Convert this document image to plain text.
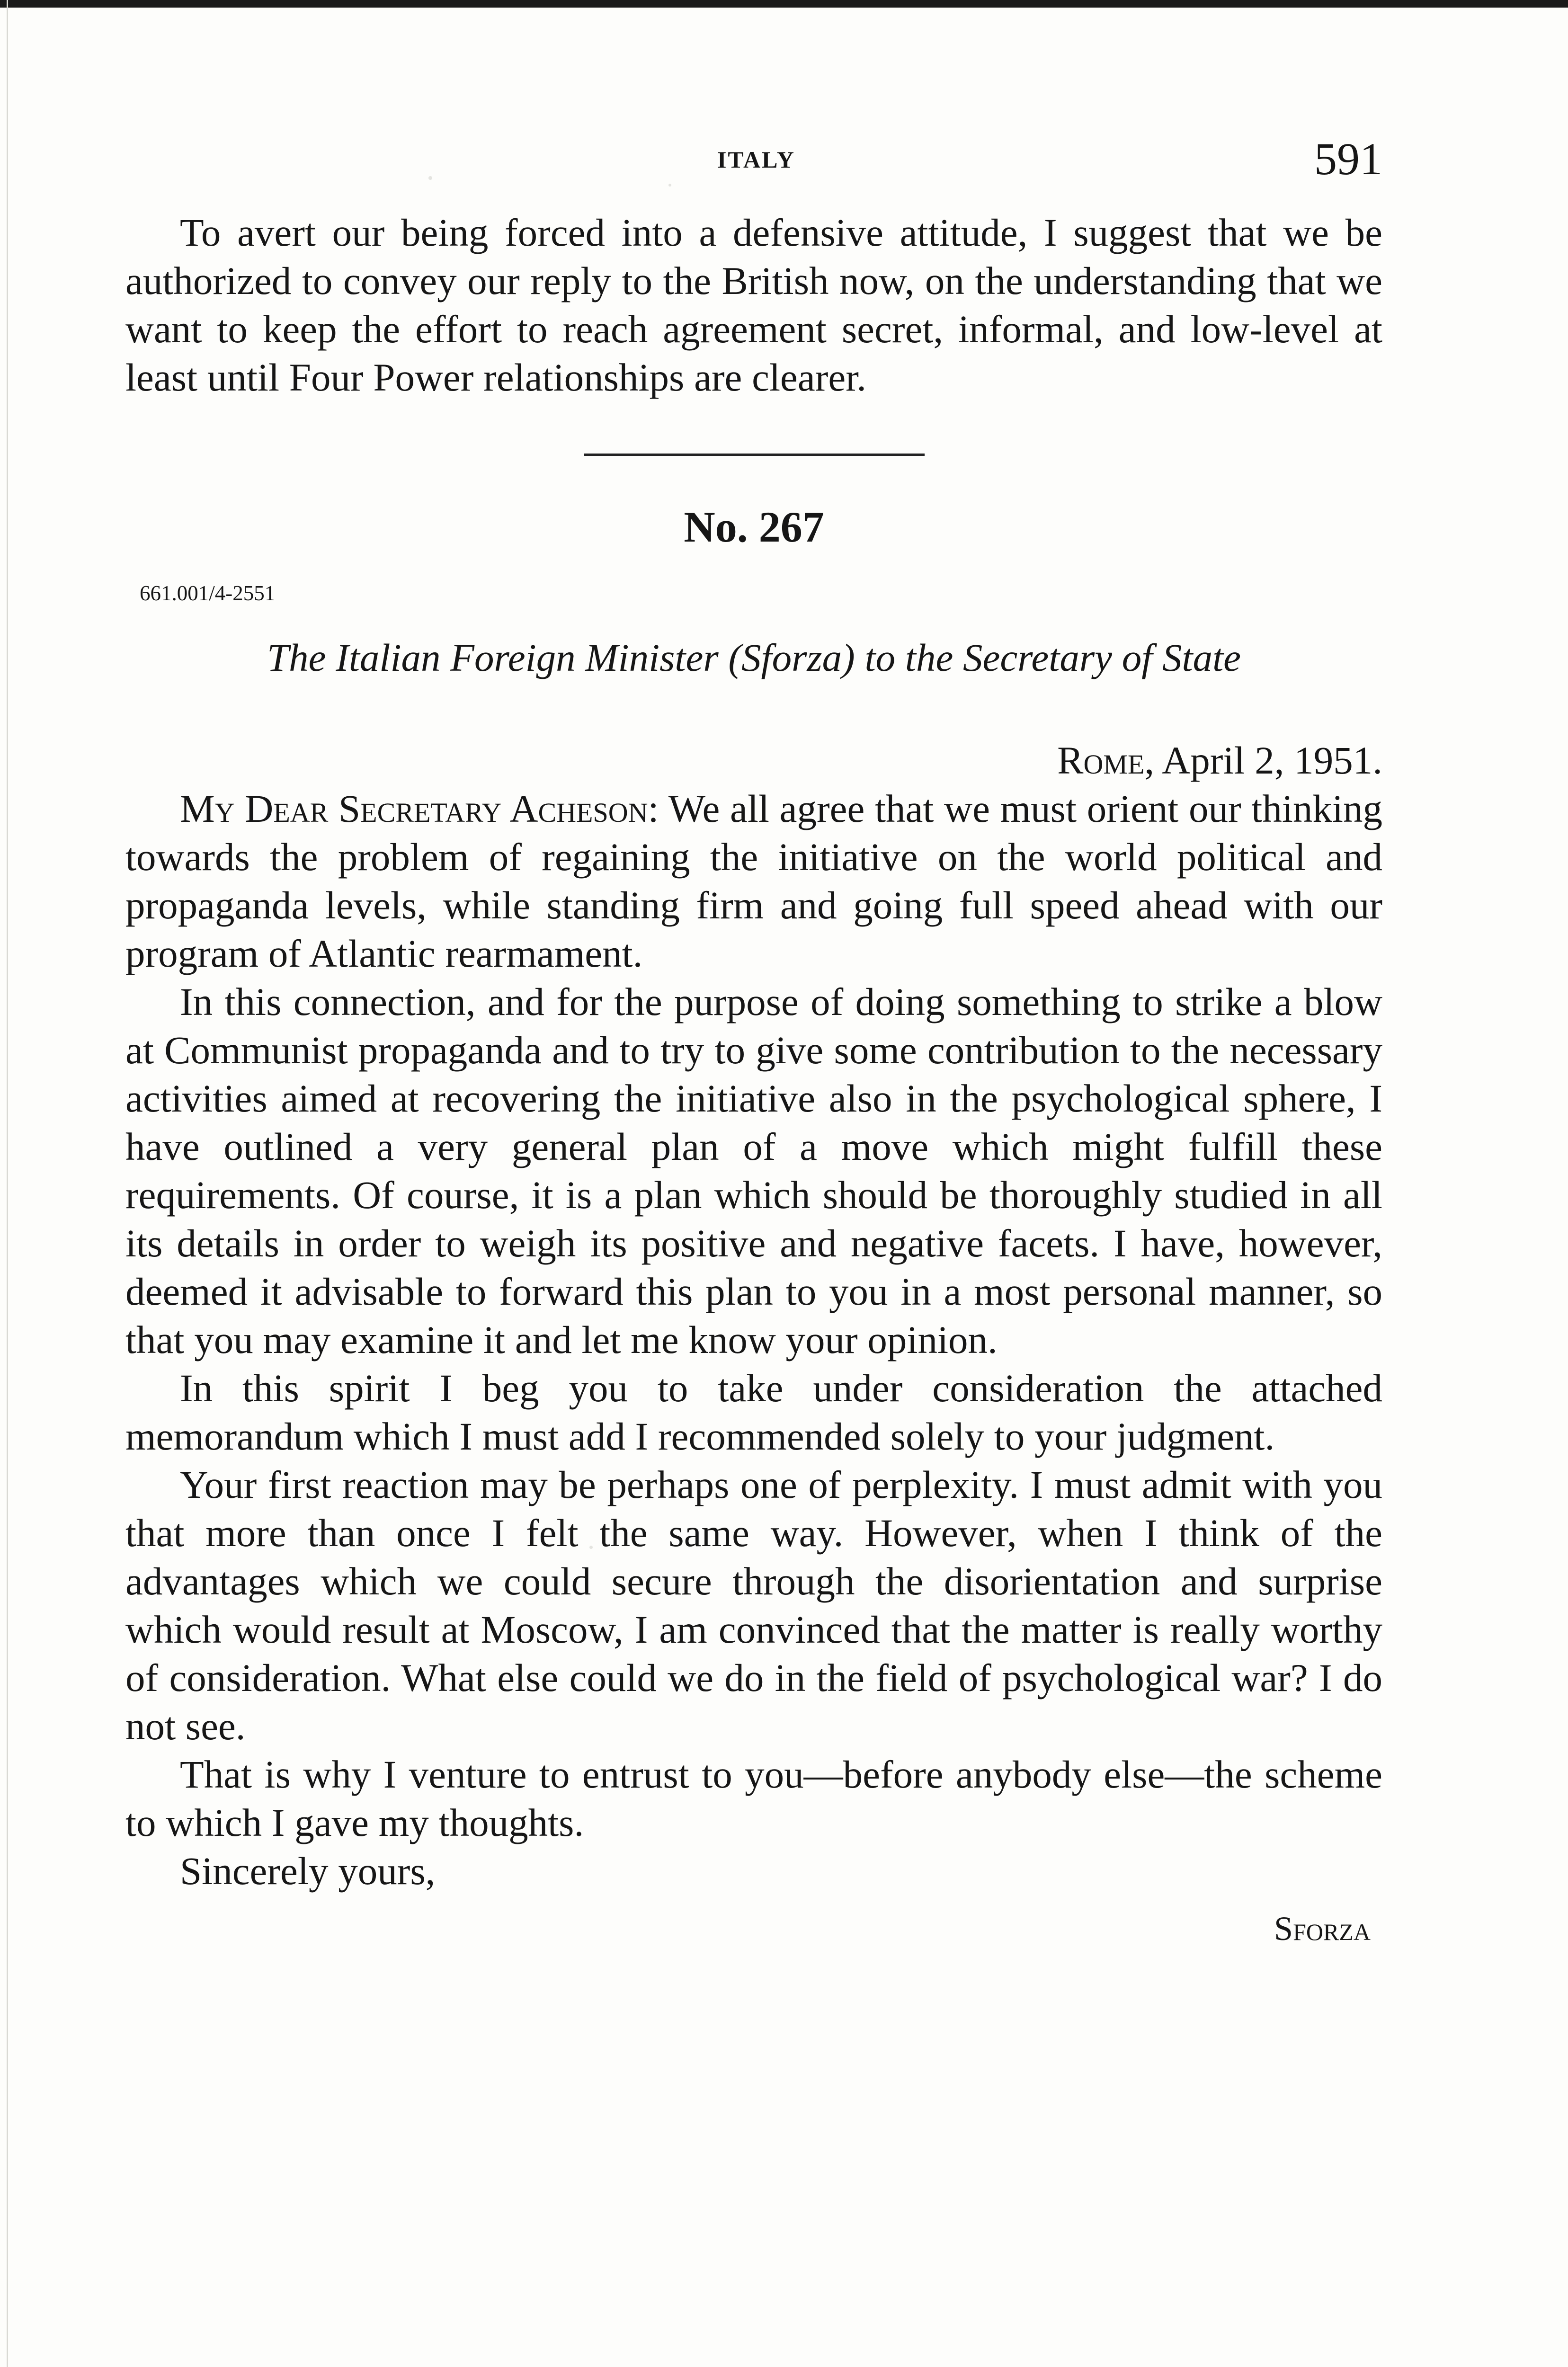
ITALY	591

To avert our being forced into a defensive attitude, I suggest that we be authorized to convey our reply to the British now, on the understanding that we want to keep the effort to reach agreement secret, informal, and low-level at least until Four Power relationships are clearer.

No. 267
661.001/4-2551

The Italian Foreign Minister (Sforza) to the Secretary of State

Rome, April 2, 1951.

My Dear Secretary Acheson: We all agree that we must orient our thinking towards the problem of regaining the initiative on the world political and propaganda levels, while standing firm and going full speed ahead with our program of Atlantic rearmament.

In this connection, and for the purpose of doing something to strike a blow at Communist propaganda and to try to give some contribution to the necessary activities aimed at recovering the initiative also in the psychological sphere, I have outlined a very general plan of a move which might fulfill these requirements. Of course, it is a plan which should be thoroughly studied in all its details in order to weigh its positive and negative facets. I have, however, deemed it advisable to forward this plan to you in a most personal manner, so that you may examine it and let me know your opinion.

In this spirit I beg you to take under consideration the attached memorandum which I must add I recommended solely to your judgment.

Your first reaction may be perhaps one of perplexity. I must admit with you that more than once I felt the same way. However, when I think of the advantages which we could secure through the disorientation and surprise which would result at Moscow, I am convinced that the matter is really worthy of consideration. What else could we do in the field of psychological war? I do not see.

That is why I venture to entrust to you—before anybody else—the scheme to which I gave my thoughts.

Sincerely yours,

Sforza
